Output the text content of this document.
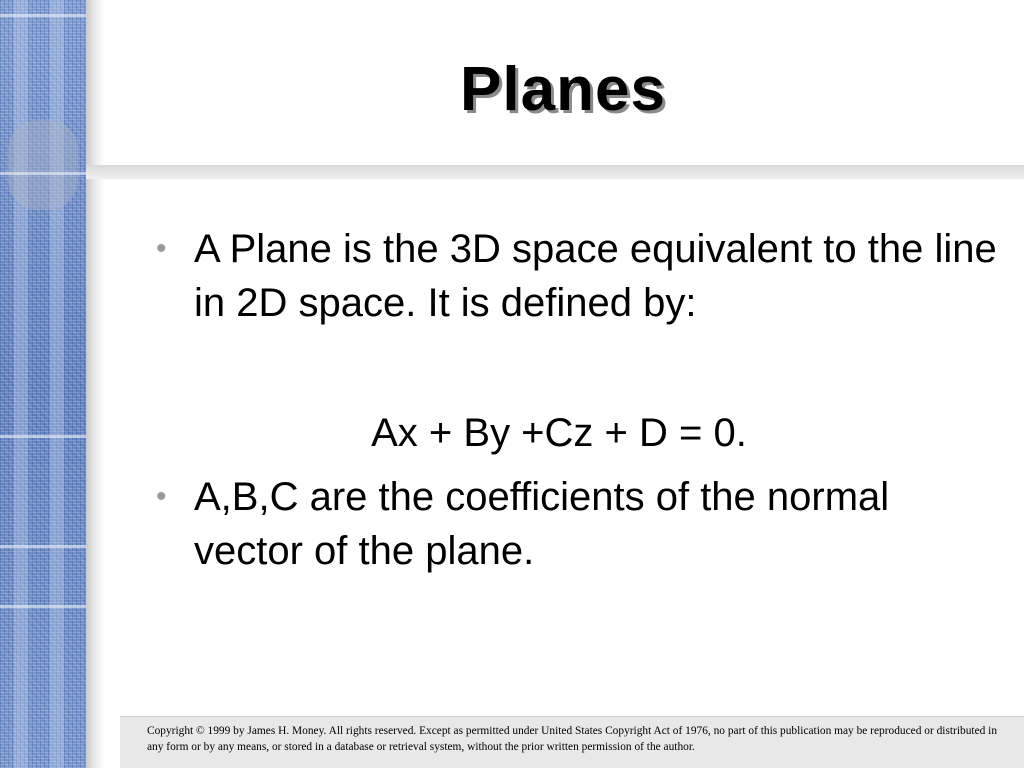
Planes
• A Plane is the 3D space equivalent to the line in 2D space. It is defined by:
Ax + By +Cz + D = 0.
• A,B,C are the coefficients of the normal vector of the plane.
Copyright © 1999 by James H. Money. All rights reserved. Except as permitted under United States Copyright Act of 1976, no part of this publication may be reproduced or distributed in any form or by any means, or stored in a database or retrieval system, without the prior written permission of the author.
